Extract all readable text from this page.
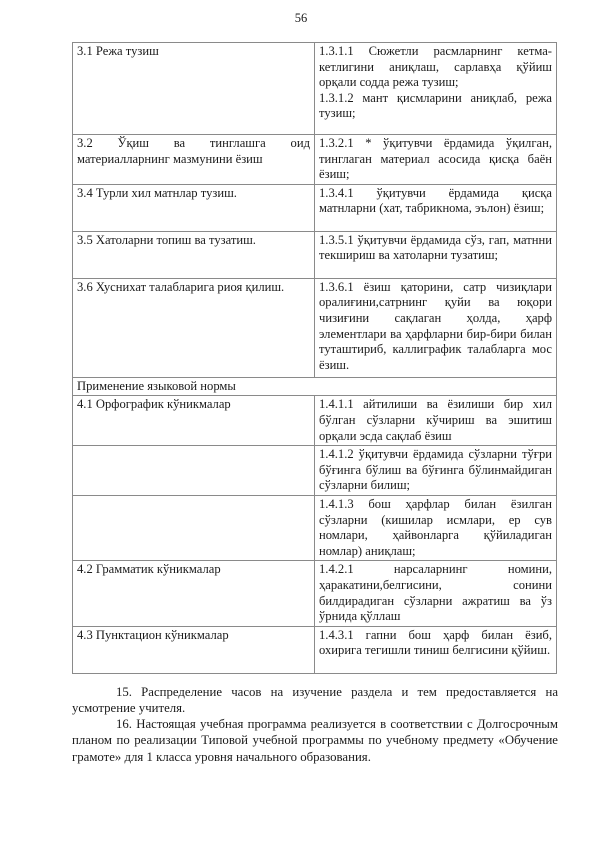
56
3.1 Режа тузиш	1.3.1.1 Сюжетли расмларнинг кетма-кетлигини аниқлаш, сарлавҳа қўйиш орқали содда режа тузиш;
1.3.1.2 мант қисмларини аниқлаб, режа тузиш;

3.2 Ўқиш ва тинглашга оид материалларнинг мазмунини ёзиш	1.3.2.1 * ўқитувчи ёрдамида ўқилган, тинглаган материал асосида қисқа баён ёзиш;
3.4 Турли хил матнлар тузиш.	1.3.4.1 ўқитувчи ёрдамида қисқа матнларни (хат, табрикнома, эълон) ёзиш;
3.5 Хатоларни топиш ва тузатиш.	1.3.5.1 ўқитувчи ёрдамида сўз, гап, матнни текшириш ва хатоларни тузатиш;

3.6 Хуснихат талабларига риоя қилиш.	1.3.6.1 ёзиш қаторини, сатр чизиқлари оралиғини,сатрнинг қуйи ва юқори чизиғини сақлаган ҳолда, ҳарф элементлари ва ҳарфларни бир-бири билан туташтириб, каллиграфик талабларга мос ёзиш.
Применение языковой нормы	
4.1 Орфографик кўникмалар	1.4.1.1 айтилиши ва ёзилиши бир хил бўлган сўзларни кўчириш ва эшитиш орқали эсда сақлаб ёзиш
	1.4.1.2 ўқитувчи ёрдамида сўзларни тўғри бўғинга бўлиш ва бўғинга бўлинмайдиган сўзларни билиш;
	1.4.1.3 бош ҳарфлар билан ёзилган сўзларни (кишилар исмлари, ер сув номлари, ҳайвонларга қўйиладиган номлар) аниқлаш;
4.2 Грамматик кўникмалар	1.4.2.1 нарсаларнинг номини, ҳаракатини,белгисини, сонини билдирадиган сўзларни ажратиш ва ўз ўрнида қўллаш
4.3 Пунктацион кўникмалар	1.4.3.1 гапни бош ҳарф билан ёзиб, охирига тегишли тиниш белгисини қўйиш.
15. Распределение часов на изучение раздела и тем предоставляется на усмотрение учителя.
16. Настоящая учебная программа реализуется в соответствии с Долгосрочным планом по реализации Типовой учебной программы по учебному предмету «Обучение грамоте» для 1 класса уровня начального образования.
